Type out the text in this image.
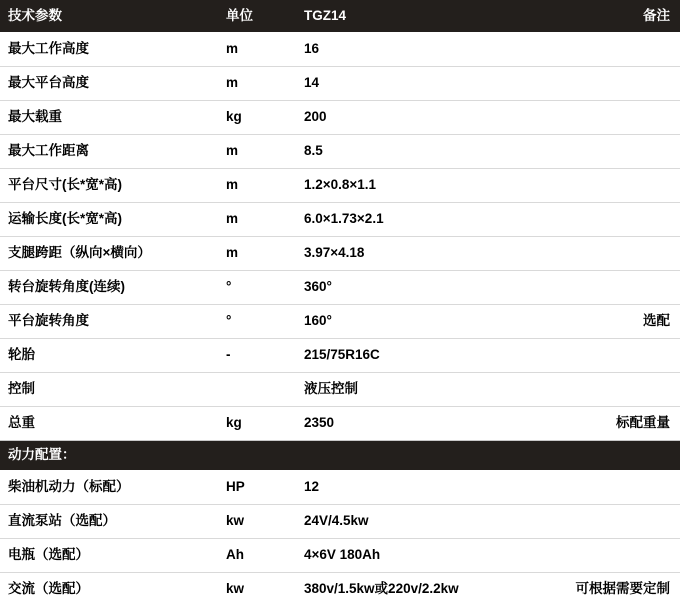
技术参数	单位	TGZ14	备注
最大工作高度	m	16	
最大平台高度	m	14	
最大载重	kg	200	
最大工作距离	m	8.5	
平台尺寸(长*宽*高)	m	1.2×0.8×1.1	
运输长度(长*宽*高)	m	6.0×1.73×2.1	
支腿跨距（纵向×横向）	m	3.97×4.18	
转台旋转角度(连续)	°	360°	
平台旋转角度	°	160°	选配
轮胎	-	215/75R16C	
控制		液压控制	
总重	kg	2350	标配重量
动力配置：			
柴油机动力（标配）	HP	12	
直流泵站（选配）	kw	24V/4.5kw	
电瓶（选配）	Ah	4×6V 180Ah	
交流（选配）	kw	380v/1.5kw或220v/2.2kw	可根据需要定制
